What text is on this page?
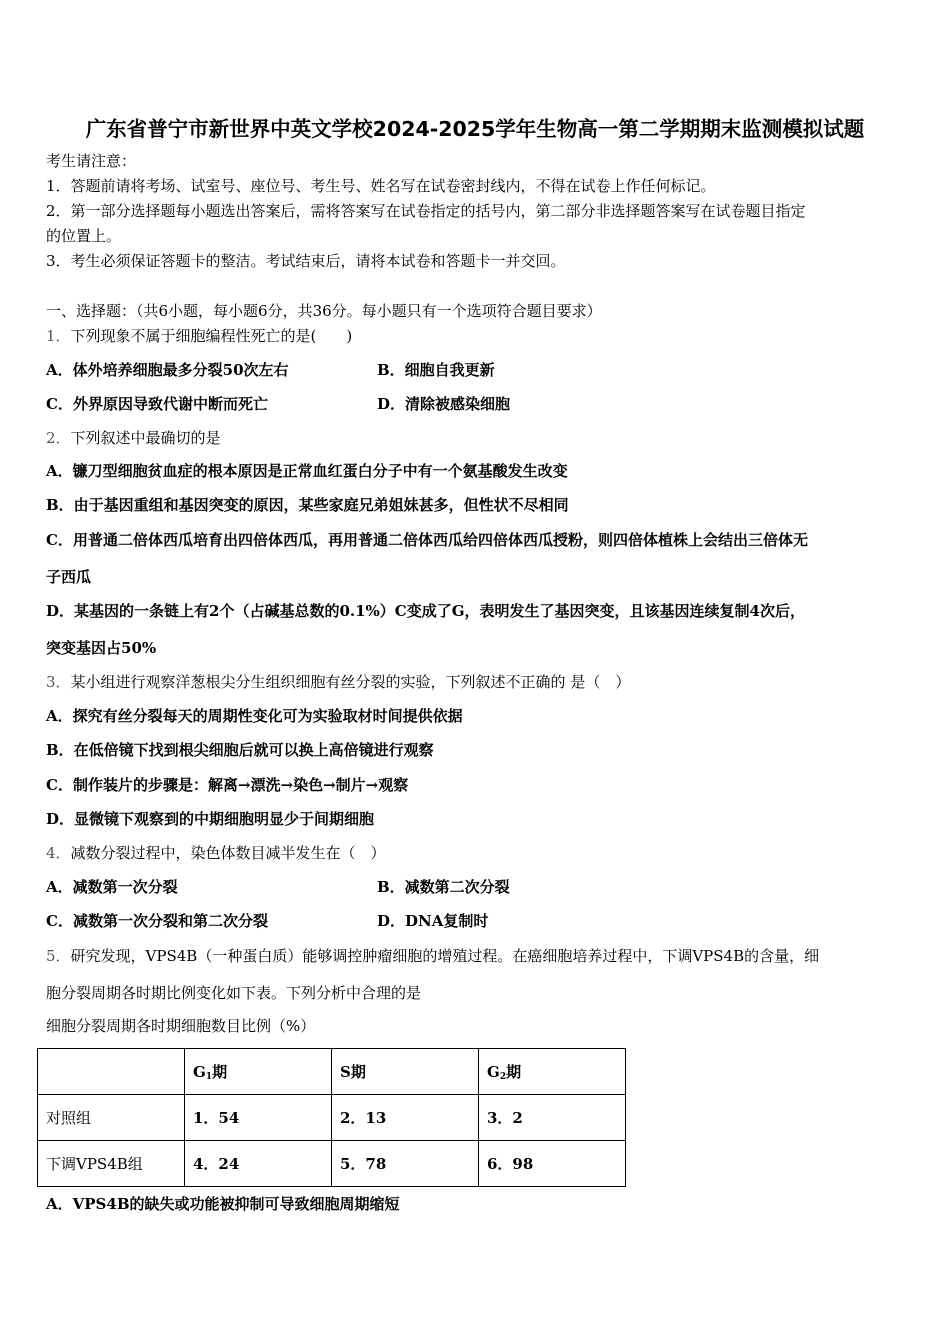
广东省普宁市新世界中英文学校2024-2025学年生物高一第二学期期末监测模拟试题
考生请注意：
1．答题前请将考场、试室号、座位号、考生号、姓名写在试卷密封线内，不得在试卷上作任何标记。
2．第一部分选择题每小题选出答案后，需将答案写在试卷指定的括号内，第二部分非选择题答案写在试卷题目指定
的位置上。
3．考生必须保证答题卡的整洁。考试结束后，请将本试卷和答题卡一并交回。
一、选择题：（共6小题，每小题6分，共36分。每小题只有一个选项符合题目要求）
1．下列现象不属于细胞编程性死亡的是(　　)
A．体外培养细胞最多分裂50次左右	B．细胞自我更新
C．外界原因导致代谢中断而死亡	D．清除被感染细胞
2．下列叙述中最确切的是
A．镰刀型细胞贫血症的根本原因是正常血红蛋白分子中有一个氨基酸发生改变
B．由于基因重组和基因突变的原因，某些家庭兄弟姐妹甚多，但性状不尽相同
C．用普通二倍体西瓜培育出四倍体西瓜，再用普通二倍体西瓜给四倍体西瓜授粉，则四倍体植株上会结出三倍体无
子西瓜
D．某基因的一条链上有2个（占碱基总数的0.1%）C变成了G，表明发生了基因突变，且该基因连续复制4次后，
突变基因占50%
3．某小组进行观察洋葱根尖分生组织细胞有丝分裂的实验，下列叙述不正确的 是（　）
A．探究有丝分裂每天的周期性变化可为实验取材时间提供依据
B．在低倍镜下找到根尖细胞后就可以换上高倍镜进行观察
C．制作装片的步骤是：解离→漂洗→染色→制片→观察
D．显微镜下观察到的中期细胞明显少于间期细胞
4．减数分裂过程中，染色体数目减半发生在（　）
A．减数第一次分裂	B．减数第二次分裂
C．减数第一次分裂和第二次分裂	D．DNA复制时
5．研究发现，VPS4B（一种蛋白质）能够调控肿瘤细胞的增殖过程。在癌细胞培养过程中，下调VPS4B的含量，细
胞分裂周期各时期比例变化如下表。下列分析中合理的是
细胞分裂周期各时期细胞数目比例（%）
	$G_1$期	S期	$G_2$期
对照组	1．54	2．13	3．2
下调VPS4B组	4．24	5．78	6．98
A．VPS4B的缺失或功能被抑制可导致细胞周期缩短
